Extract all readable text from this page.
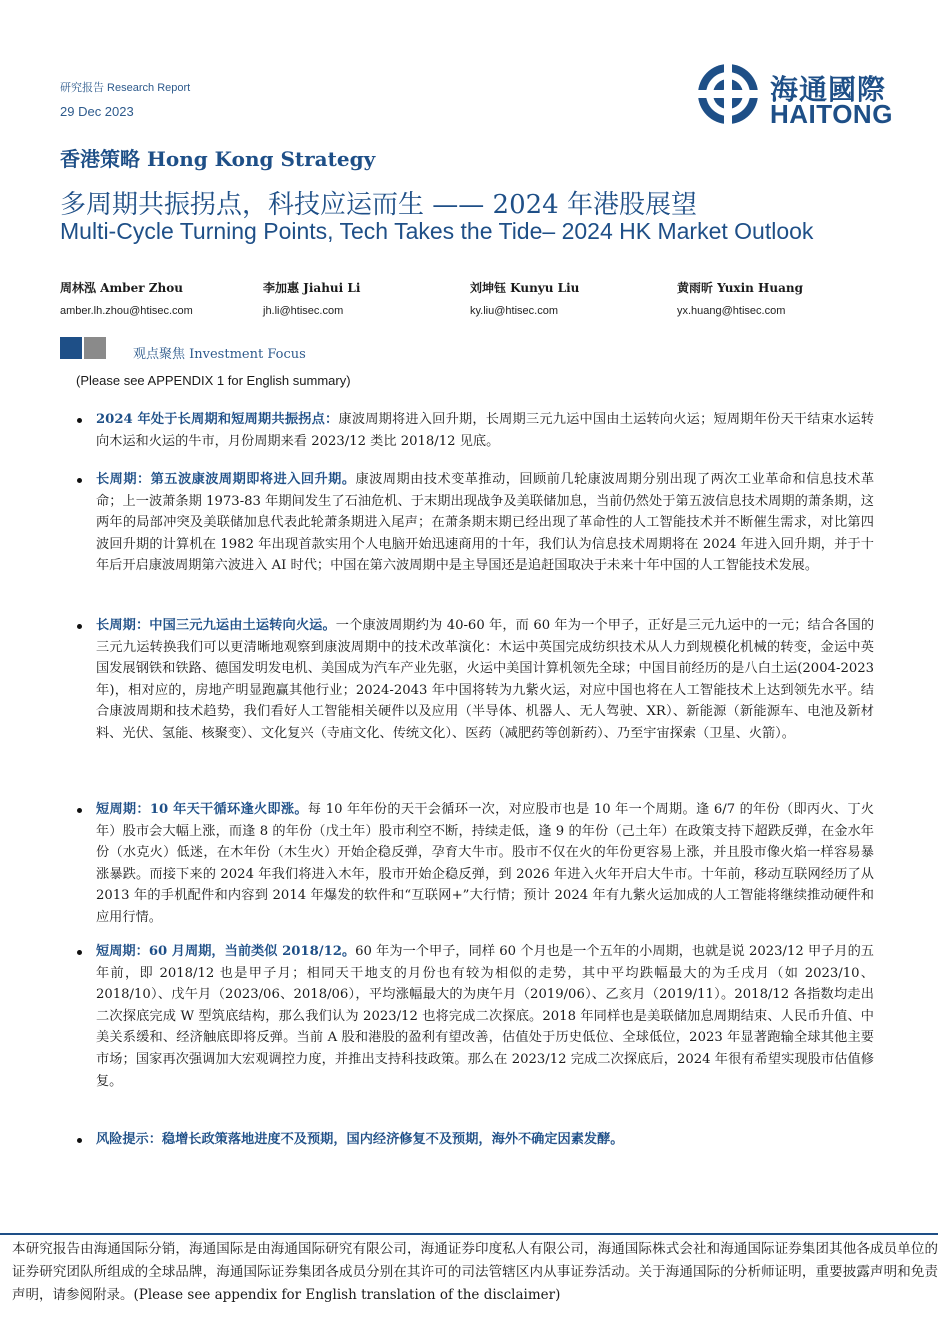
研究报告 Research Report
29 Dec 2023
海通國際
HAITONG
香港策略 Hong Kong Strategy
多周期共振拐点，科技应运而生 —— 2024 年港股展望
Multi-Cycle Turning Points, Tech Takes the Tide– 2024 HK Market Outlook
周林泓 Amber Zhou
amber.lh.zhou@htisec.com
李加惠 Jiahui Li
jh.li@htisec.com
刘坤钰 Kunyu Liu
ky.liu@htisec.com
黄雨昕 Yuxin Huang
yx.huang@htisec.com
观点聚焦 Investment Focus
(Please see APPENDIX 1 for English summary)

2024 年处于长周期和短周期共振拐点：康波周期将进入回升期，长周期三元九运中国由土运转向火运；短周期年份天干结束水运转向木运和火运的牛市，月份周期来看 2023/12 类比 2018/12 见底。

长周期：第五波康波周期即将进入回升期。康波周期由技术变革推动，回顾前几轮康波周期分别出现了两次工业革命和信息技术革命；上一波萧条期 1973-83 年期间发生了石油危机、于末期出现战争及美联储加息，当前仍然处于第五波信息技术周期的萧条期，这两年的局部冲突及美联储加息代表此轮萧条期进入尾声；在萧条期末期已经出现了革命性的人工智能技术并不断催生需求，对比第四波回升期的计算机在 1982 年出现首款实用个人电脑开始迅速商用的十年，我们认为信息技术周期将在 2024 年进入回升期，并于十年后开启康波周期第六波进入 AI 时代；中国在第六波周期中是主导国还是追赶国取决于未来十年中国的人工智能技术发展。

长周期：中国三元九运由土运转向火运。一个康波周期约为 40-60 年，而 60 年为一个甲子，正好是三元九运中的一元；结合各国的三元九运转换我们可以更清晰地观察到康波周期中的技术改革演化：木运中英国完成纺织技术从人力到规模化机械的转变，金运中英国发展钢铁和铁路、德国发明发电机、美国成为汽车产业先驱，火运中美国计算机领先全球；中国目前经历的是八白土运(2004-2023 年)，相对应的，房地产明显跑赢其他行业；2024-2043 年中国将转为九紫火运，对应中国也将在人工智能技术上达到领先水平。结合康波周期和技术趋势，我们看好人工智能相关硬件以及应用（半导体、机器人、无人驾驶、XR）、新能源（新能源车、电池及新材料、光伏、氢能、核聚变）、文化复兴（寺庙文化、传统文化）、医药（减肥药等创新药）、乃至宇宙探索（卫星、火箭）。

短周期：10 年天干循环逢火即涨。每 10 年年份的天干会循环一次，对应股市也是 10 年一个周期。逢 6/7 的年份（即丙火、丁火年）股市会大幅上涨，而逢 8 的年份（戊土年）股市利空不断，持续走低，逢 9 的年份（己土年）在政策支持下超跌反弹，在金水年份（水克火）低迷，在木年份（木生火）开始企稳反弹，孕育大牛市。股市不仅在火的年份更容易上涨，并且股市像火焰一样容易暴涨暴跌。而接下来的 2024 年我们将进入木年，股市开始企稳反弹，到 2026 年进入火年开启大牛市。十年前，移动互联网经历了从 2013 年的手机配件和内容到 2014 年爆发的软件和“互联网+”大行情；预计 2024 年有九紫火运加成的人工智能将继续推动硬件和应用行情。

短周期：60 月周期，当前类似 2018/12。60 年为一个甲子，同样 60 个月也是一个五年的小周期，也就是说 2023/12 甲子月的五年前，即 2018/12 也是甲子月；相同天干地支的月份也有较为相似的走势，其中平均跌幅最大的为壬戌月（如 2023/10、2018/10）、戊午月（2023/06、2018/06），平均涨幅最大的为庚午月（2019/06）、乙亥月（2019/11）。2018/12 各指数均走出二次探底完成 W 型筑底结构，那么我们认为 2023/12 也将完成二次探底。2018 年同样也是美联储加息周期结束、人民币升值、中美关系缓和、经济触底即将反弹。当前 A 股和港股的盈利有望改善，估值处于历史低位、全球低位，2023 年显著跑输全球其他主要市场；国家再次强调加大宏观调控力度，并推出支持科技政策。那么在 2023/12 完成二次探底后，2024 年很有希望实现股市估值修复。

风险提示：稳增长政策落地进度不及预期，国内经济修复不及预期，海外不确定因素发酵。

本研究报告由海通国际分销，海通国际是由海通国际研究有限公司，海通证券印度私人有限公司，海通国际株式会社和海通国际证券集团其他各成员单位的证券研究团队所组成的全球品牌，海通国际证券集团各成员分别在其许可的司法管辖区内从事证券活动。关于海通国际的分析师证明，重要披露声明和免责声明，请参阅附录。(Please see appendix for English translation of the disclaimer)
